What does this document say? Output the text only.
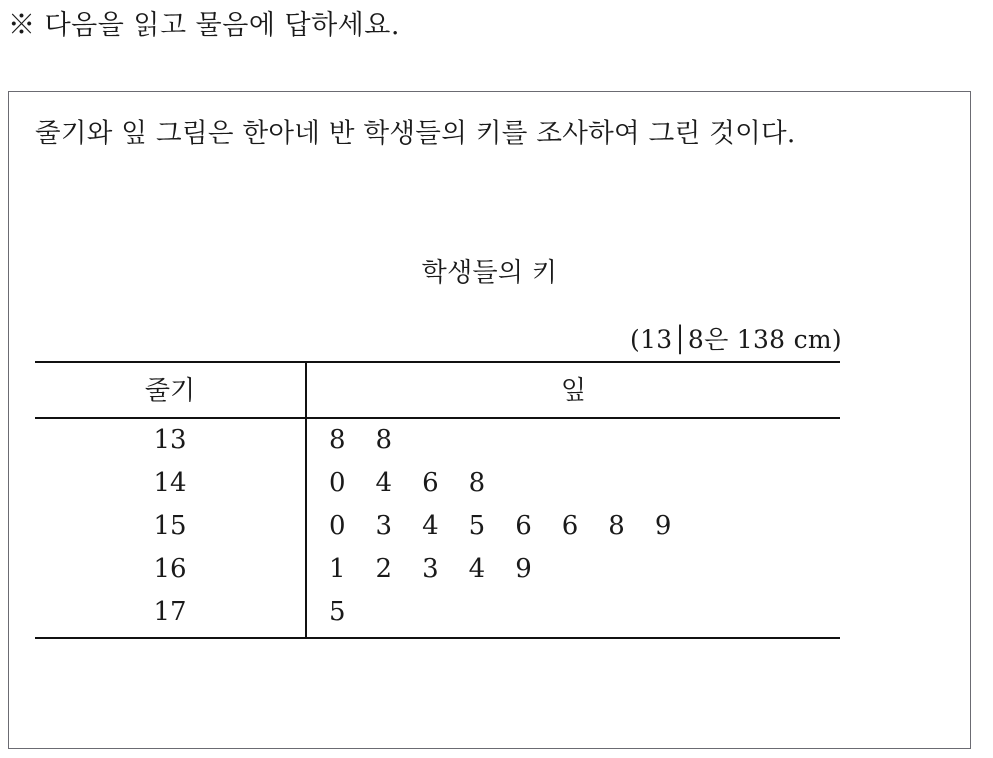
※ 다음을 읽고 물음에 답하세요.
줄기와 잎 그림은 한아네 반 학생들의 키를 조사하여 그린 것이다.
학생들의 키
(13│8은 138 cm)
줄기	잎
13	8 8

14	0 4 6 8

15	0 3 4 5 6 6 8 9

16	1 2 3 4 9

17	5
